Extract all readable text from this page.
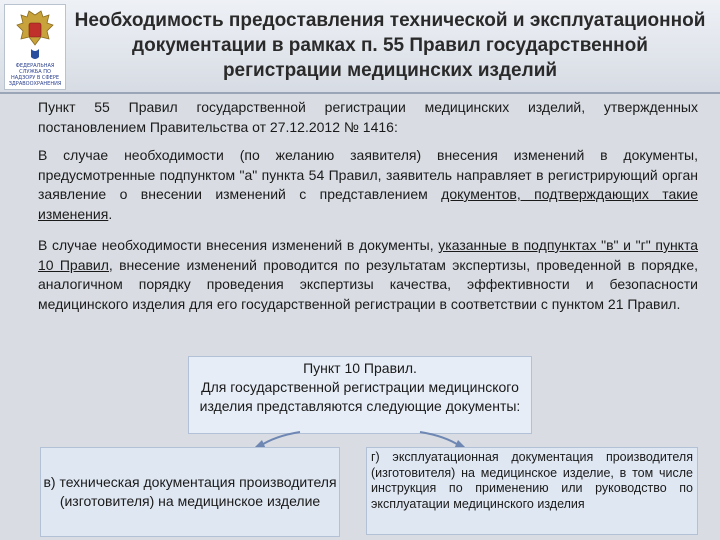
ФЕДЕРАЛЬНАЯ СЛУЖБА ПО НАДЗОРУ В СФЕРЕ ЗДРАВООХРАНЕНИЯ
Необходимость предоставления технической и эксплуатационной документации в рамках п. 55 Правил государственной регистрации медицинских изделий

Пункт 55 Правил государственной регистрации медицинских изделий, утвержденных постановлением Правительства от 27.12.2012 № 1416:

В случае необходимости (по желанию заявителя) внесения изменений в документы, предусмотренные подпунктом "а" пункта 54 Правил, заявитель направляет в регистрирующий орган заявление о внесении изменений с представлением документов, подтверждающих такие изменения.

В случае необходимости внесения изменений в документы, указанные в подпунктах "в" и "г" пункта 10 Правил, внесение изменений проводится по результатам экспертизы, проведенной в порядке, аналогичном порядку проведения экспертизы качества, эффективности и безопасности медицинского изделия для его государственной регистрации в соответствии с пунктом 21 Правил.

Пункт 10 Правил.
Для государственной регистрации медицинского изделия представляются следующие документы:
в) техническая документация производителя (изготовителя) на медицинское изделие
г) эксплуатационная документация производителя (изготовителя) на медицинское изделие, в том числе инструкция по применению или руководство по эксплуатации медицинского изделия
